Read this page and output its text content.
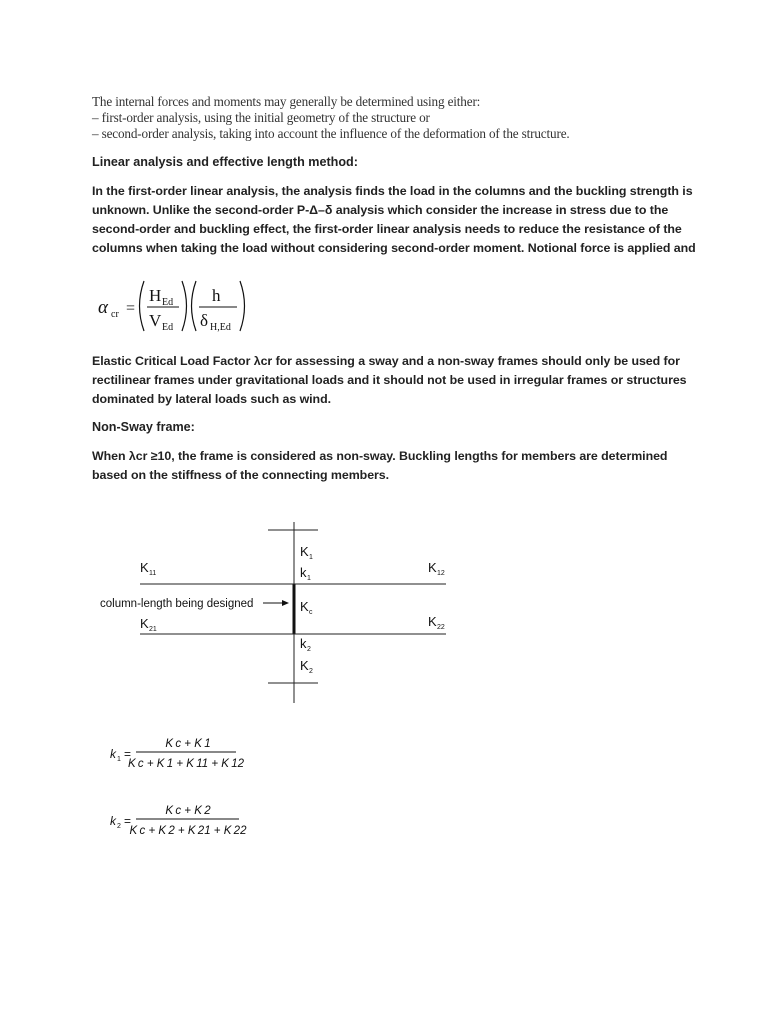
The internal forces and moments may generally be determined using either:
– first-order analysis, using the initial geometry of the structure or
– second-order analysis, taking into account the influence of the deformation of the structure.
Linear analysis and effective length method:
In the first-order linear analysis, the analysis finds the load in the columns and the buckling strength is
unknown. Unlike the second-order P-Δ–δ analysis which consider the increase in stress due to the
second-order and buckling effect, the first-order linear analysis needs to reduce the resistance of the
columns when taking the load without considering second-order moment. Notional force is applied and
α cr =
H Ed
V Ed
h
δ H,Ed
Elastic Critical Load Factor λcr for assessing a sway and a non-sway frames should only be used for
rectilinear frames under gravitational loads and it should not be used in irregular frames or structures
dominated by lateral loads such as wind.
Non-Sway frame:
When λcr ≥10, the frame is considered as non-sway. Buckling lengths for members are determined
based on the stiffness of the connecting members.
K 1
k 1
K c
k 2
K 2
K 11	K 12
K 21
K 22
column-length being designed
k 1 =
K c + K 1
K c + K 1 + K 11 + K 12
k 2 =
K c + K 2
K c + K 2 + K 21 + K 22
